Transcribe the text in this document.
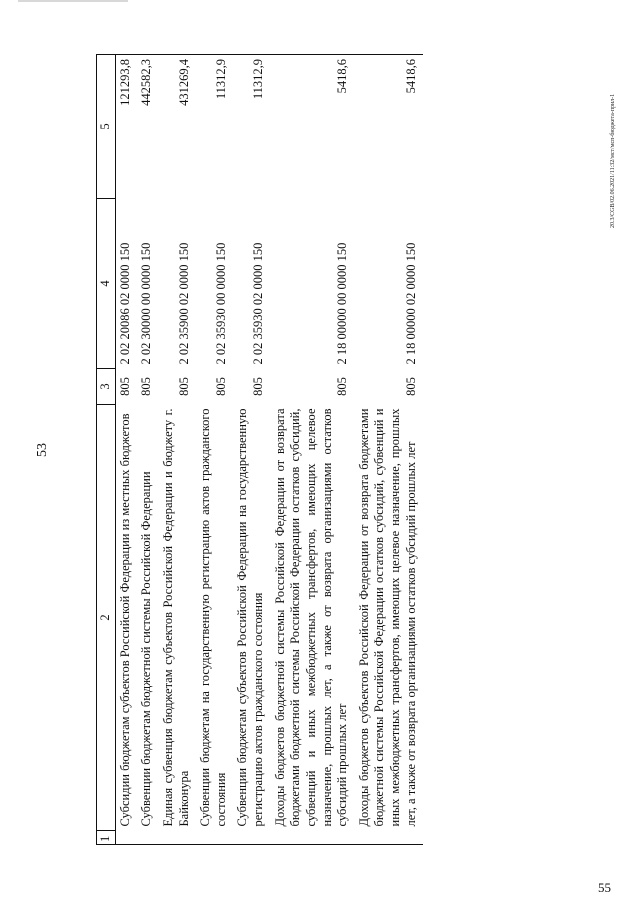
53
55
20.3/CGB/02.06.2021/11:32/мст/мсп-бюджета-прил-1
1	2	3	4	5
	Субсидии бюджетам субъектов Российской Федерации из местных бюджетов	805	2 02 20086 02 0000 150	121293,8
	Субвенции бюджетам бюджетной системы Российской Федерации	805	2 02 30000 00 0000 150	442582,3
	Единая субвенция бюджетам субъектов Российской Федерации и бюджету г. Байконура	805	2 02 35900 02 0000 150	431269,4
	Субвенции бюджетам на государственную регистрацию актов гражданского состояния	805	2 02 35930 00 0000 150	11312,9
	Субвенции бюджетам субъектов Российской Федерации на государственную регистрацию актов гражданского состояния	805	2 02 35930 02 0000 150	11312,9
	Доходы бюджетов бюджетной системы Российской Федерации от возврата бюджетами бюджетной системы Российской Федерации остатков субсидий, субвенций и иных межбюджетных трансфертов, имеющих целевое назначение, прошлых лет, а также от возврата организациями остатков субсидий прошлых лет	805	2 18 00000 00 0000 150	5418,6
	Доходы бюджетов субъектов Российской Федерации от возврата бюджетами бюджетной системы Российской Федерации остатков субсидий, субвенций и иных межбюджетных трансфертов, имеющих целевое назначение, прошлых лет, а также от возврата организациями остатков субсидий прошлых лет	805	2 18 00000 02 0000 150	5418,6
